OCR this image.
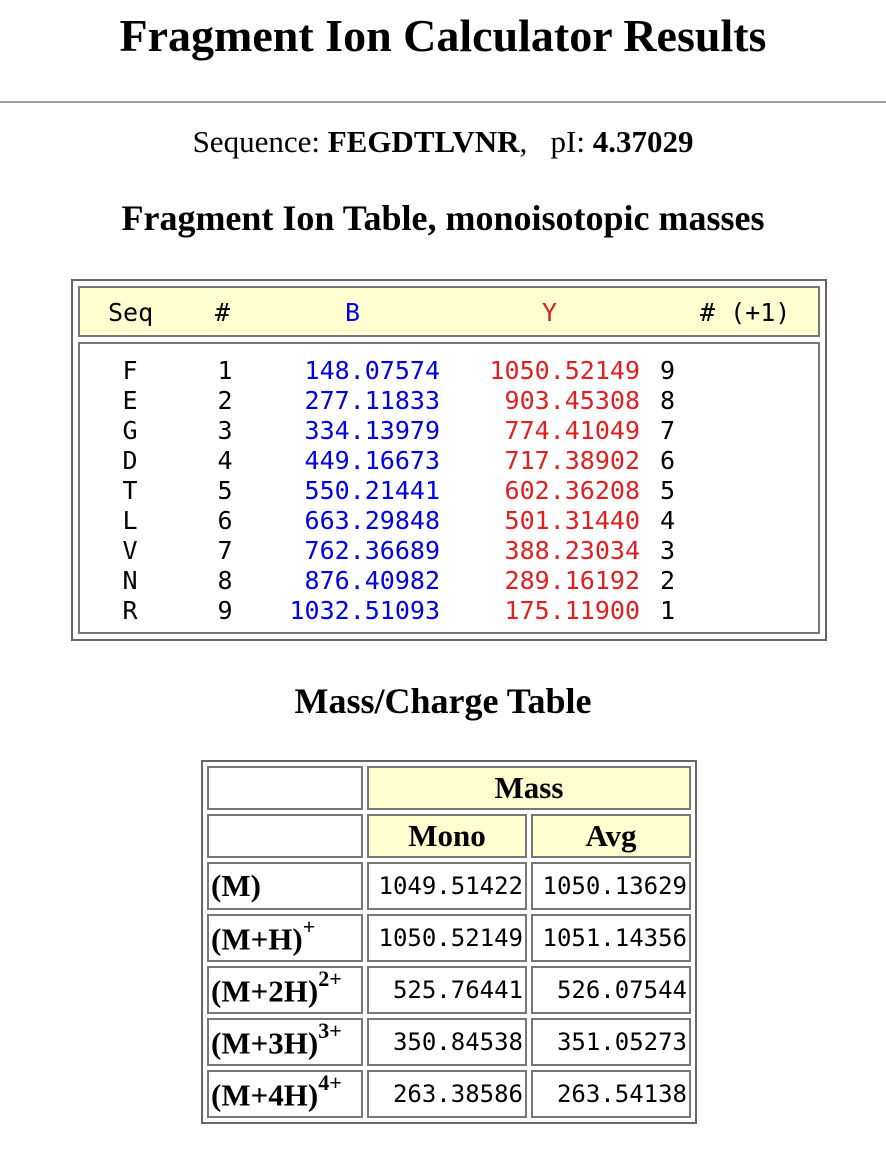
Fragment Ion Calculator Results
Sequence: FEGDTLVNR, pI: 4.37029
Fragment Ion Table, monoisotopic masses
Seq #	B	Y	# (+1)
F	1	148.07574	1050.52149 9
E	2	277.11833	903.45308 8
G	3	334.13979	774.41049 7
D	4	449.16673	717.38902 6
T	5	550.21441	602.36208 5
L	6	663.29848	501.31440 4
V	7	762.36689	388.23034 3
N	8	876.40982	289.16192 2
R	9	1032.51093	175.11900 1
Mass/Charge Table
	Mass	
	Mono	Avg
(M)	1049.51422	1050.13629
(M+H)+	1050.52149	1051.14356
$(M+2H)^{2+}$	525.76441	526.07544
$(M+3H)^{3+}$	350.84538	351.05273
$(M+4H)^{4+}$	263.38586	263.54138
